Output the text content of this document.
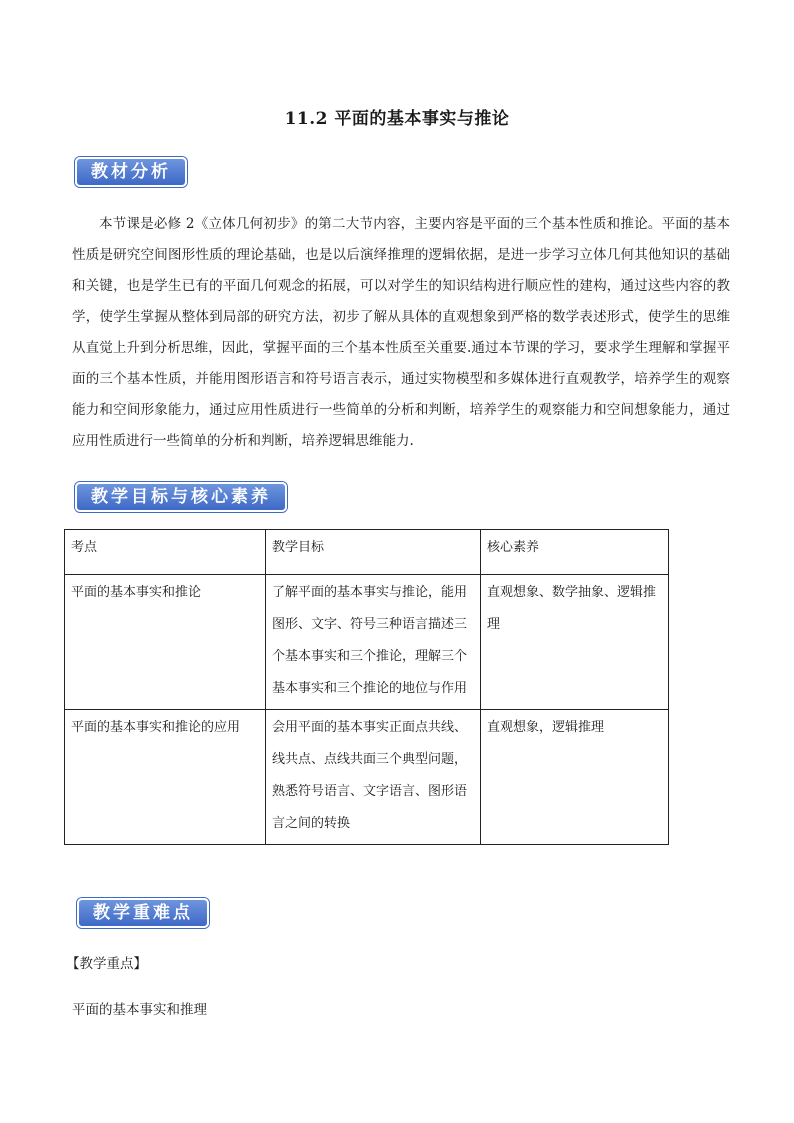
11.2 平面的基本事实与推论
教材分析
本节课是必修 2《立体几何初步》的第二大节内容，主要内容是平面的三个基本性质和推论。平面的基本性质是研究空间图形性质的理论基础，也是以后演绎推理的逻辑依据，是进一步学习立体几何其他知识的基础和关键，也是学生已有的平面几何观念的拓展，可以对学生的知识结构进行顺应性的建构，通过这些内容的教学，使学生掌握从整体到局部的研究方法，初步了解从具体的直观想象到严格的数学表述形式，使学生的思维从直觉上升到分析思维，因此，掌握平面的三个基本性质至关重要.通过本节课的学习，要求学生理解和掌握平面的三个基本性质，并能用图形语言和符号语言表示，通过实物模型和多媒体进行直观教学，培养学生的观察能力和空间形象能力，通过应用性质进行一些简单的分析和判断，培养学生的观察能力和空间想象能力，通过应用性质进行一些简单的分析和判断，培养逻辑思维能力.
教学目标与核心素养
考点	教学目标	核心素养
平面的基本事实和推论	了解平面的基本事实与推论，能用图形、文字、符号三种语言描述三个基本事实和三个推论，理解三个基本事实和三个推论的地位与作用	直观想象、数学抽象、逻辑推理
平面的基本事实和推论的应用	会用平面的基本事实正面点共线、线共点、点线共面三个典型问题，熟悉符号语言、文字语言、图形语言之间的转换	直观想象，逻辑推理
教学重难点
【教学重点】
平面的基本事实和推理
